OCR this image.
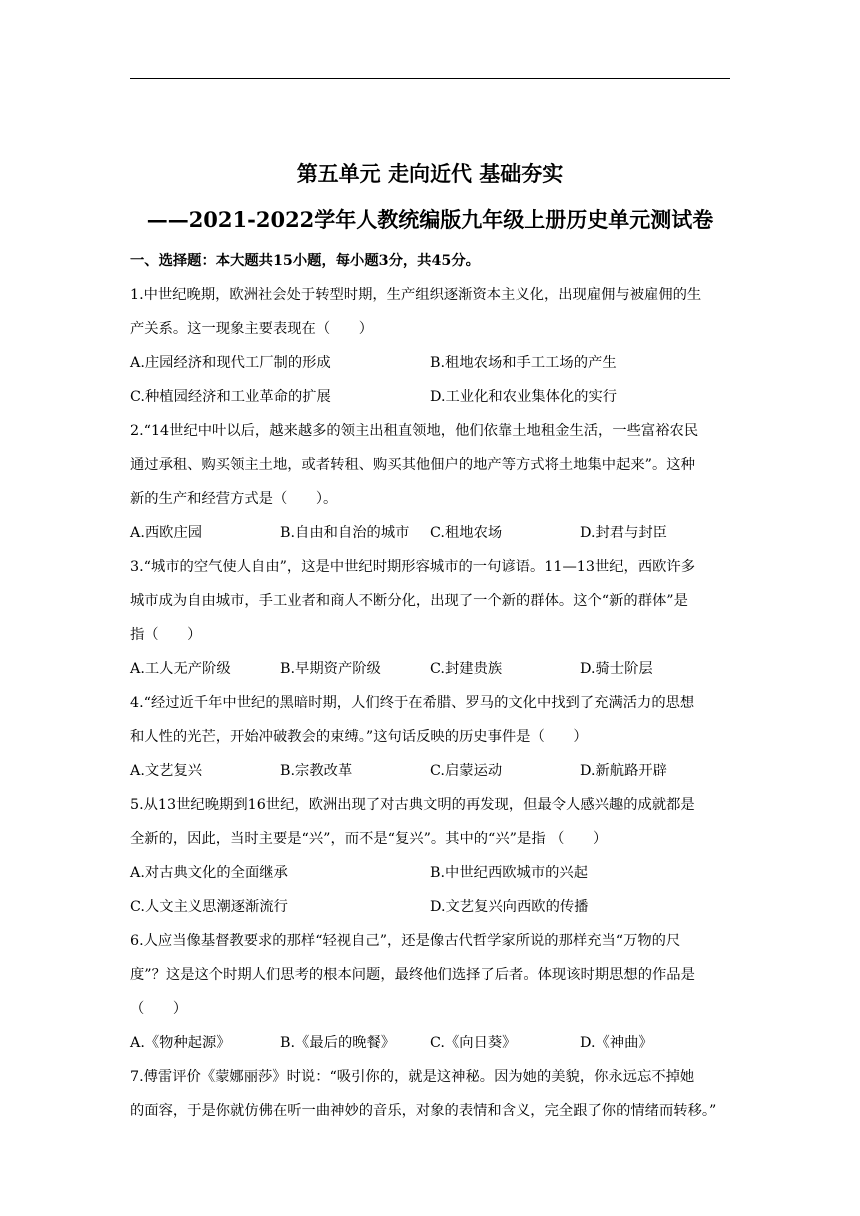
第五单元 走向近代 基础夯实
——2021-2022学年人教统编版九年级上册历史单元测试卷
一、选择题：本大题共15小题，每小题3分，共45分。
1.中世纪晚期，欧洲社会处于转型时期，生产组织逐渐资本主义化，出现雇佣与被雇佣的生
产关系。这一现象主要表现在（　　）
A.庄园经济和现代工厂制的形成	B.租地农场和手工工场的产生
C.种植园经济和工业革命的扩展	D.工业化和农业集体化的实行
2.“14世纪中叶以后，越来越多的领主出租直领地，他们依靠土地租金生活，一些富裕农民
通过承租、购买领主土地，或者转租、购买其他佃户的地产等方式将土地集中起来”。这种
新的生产和经营方式是（　　）。
A.西欧庄园	B.自由和自治的城市	C.租地农场	D.封君与封臣
3.“城市的空气使人自由”，这是中世纪时期形容城市的一句谚语。11—13世纪，西欧许多
城市成为自由城市，手工业者和商人不断分化，出现了一个新的群体。这个“新的群体”是
指（　　）
A.工人无产阶级	B.早期资产阶级	C.封建贵族	D.骑士阶层
4.“经过近千年中世纪的黑暗时期，人们终于在希腊、罗马的文化中找到了充满活力的思想
和人性的光芒，开始冲破教会的束缚。”这句话反映的历史事件是（　　）
A.文艺复兴	B.宗教改革	C.启蒙运动	D.新航路开辟
5.从13世纪晚期到16世纪，欧洲出现了对古典文明的再发现，但最令人感兴趣的成就都是
全新的，因此，当时主要是“兴”，而不是“复兴”。其中的“兴”是指 （　　）
A.对古典文化的全面继承	B.中世纪西欧城市的兴起
C.人文主义思潮逐渐流行	D.文艺复兴向西欧的传播
6.人应当像基督教要求的那样“轻视自己”，还是像古代哲学家所说的那样充当“万物的尺
度”？这是这个时期人们思考的根本问题，最终他们选择了后者。体现该时期思想的作品是
（　　）
A.《物种起源》	B.《最后的晚餐》	C.《向日葵》	D.《神曲》
7.傅雷评价《蒙娜丽莎》时说：“吸引你的，就是这神秘。因为她的美貌，你永远忘不掉她
的面容，于是你就仿佛在听一曲神妙的音乐，对象的表情和含义，完全跟了你的情绪而转移。”
